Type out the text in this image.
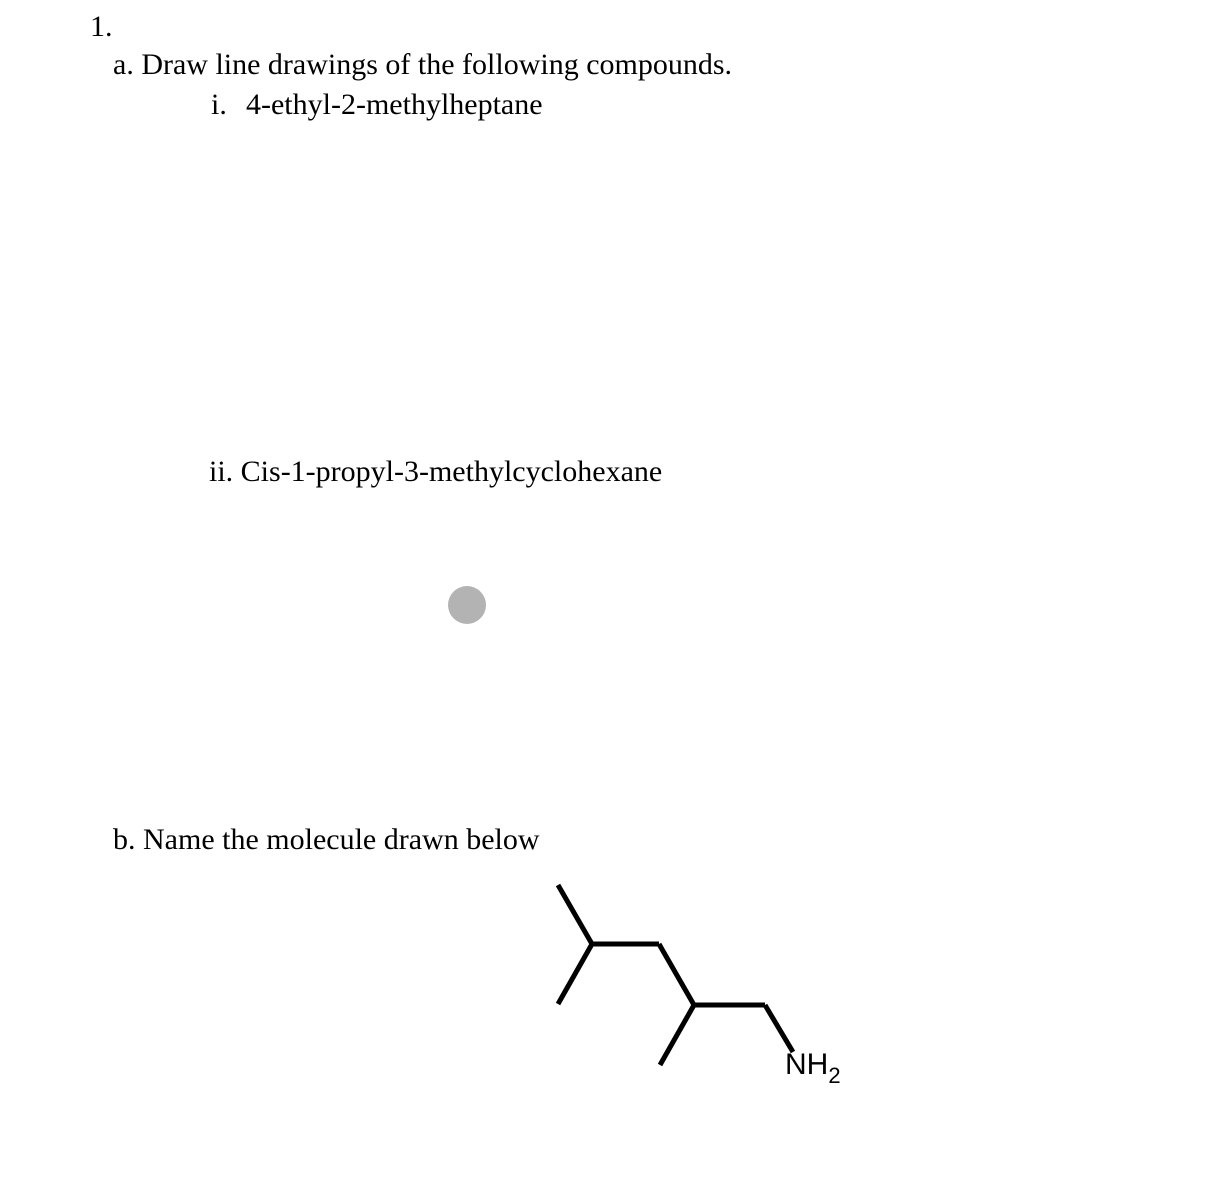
1.
a. Draw line drawings of the following compounds.
i. 4-ethyl-2-methylheptane
ii. Cis-1-propyl-3-methylcyclohexane
b. Name the molecule drawn below
$NH_2$
